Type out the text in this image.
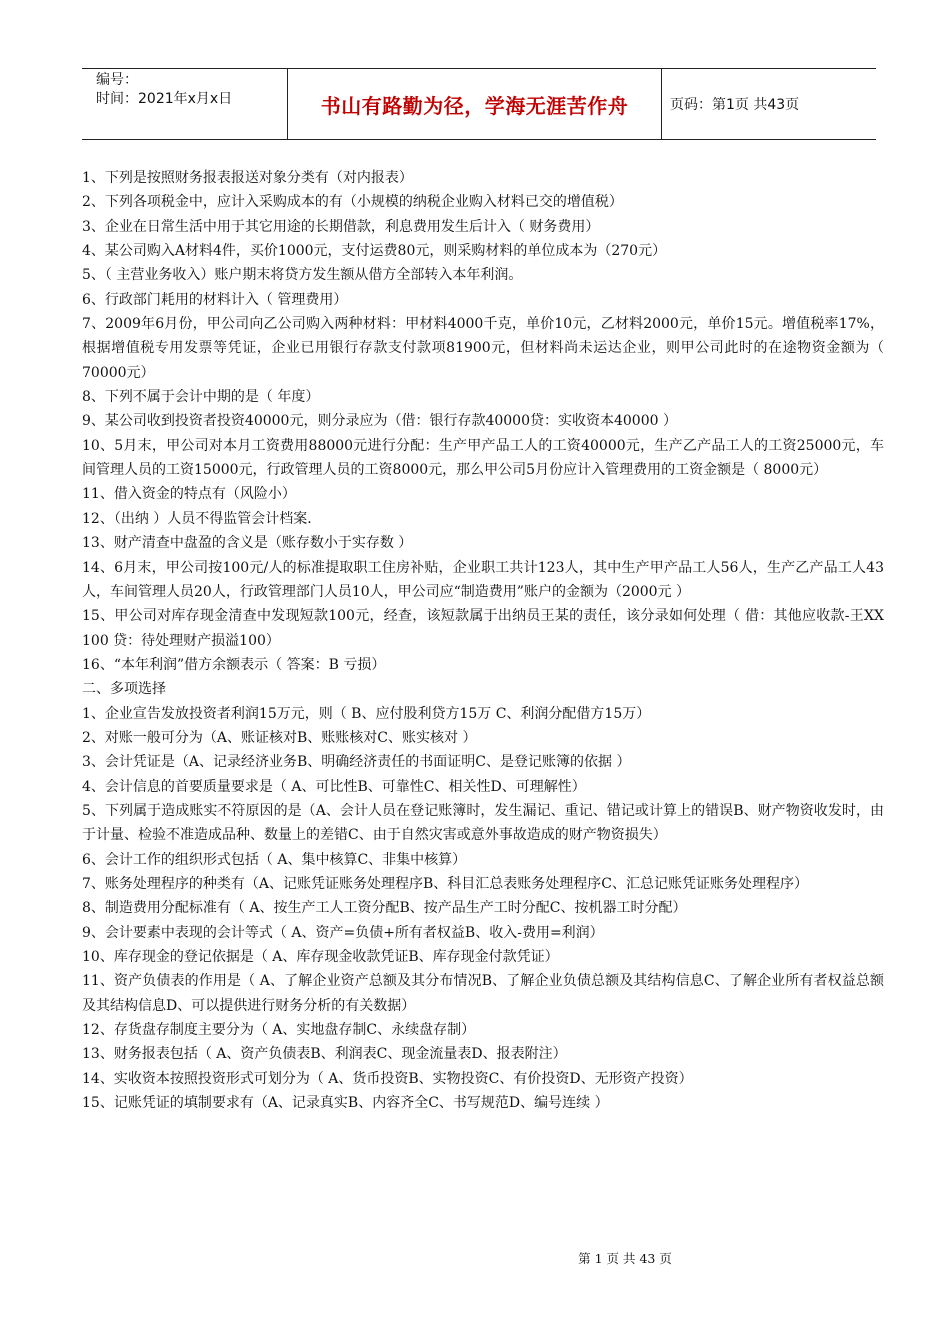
编号：
时间：2021年x月x日	书山有路勤为径，学海无涯苦作舟	页码：第1页 共43页

1、下列是按照财务报表报送对象分类有（对内报表）

2、下列各项税金中，应计入采购成本的有（小规模的纳税企业购入材料已交的增值税）

3、企业在日常生活中用于其它用途的长期借款，利息费用发生后计入（ 财务费用）

4、某公司购入A材料4件，买价1000元，支付运费80元，则采购材料的单位成本为（270元）

5、（ 主营业务收入）账户期末将贷方发生额从借方全部转入本年利润。

6、行政部门耗用的材料计入（ 管理费用）

7、2009年6月份，甲公司向乙公司购入两种材料：甲材料4000千克，单价10元，乙材料2000元，单价15元。增值税率17%，根据增值税专用发票等凭证，企业已用银行存款支付款项81900元，但材料尚未运达企业，则甲公司此时的在途物资金额为（ 70000元）

8、下列不属于会计中期的是（ 年度）

9、某公司收到投资者投资40000元，则分录应为（借：银行存款40000贷：实收资本40000 ）

10、5月末，甲公司对本月工资费用88000元进行分配：生产甲产品工人的工资40000元，生产乙产品工人的工资25000元，车间管理人员的工资15000元，行政管理人员的工资8000元，那么甲公司5月份应计入管理费用的工资金额是（ 8000元）

11、借入资金的特点有（风险小）

12、（出纳 ）人员不得监管会计档案.

13、财产清查中盘盈的含义是（账存数小于实存数 ）

14、6月末，甲公司按100元/人的标准提取职工住房补贴，企业职工共计123人，其中生产甲产品工人56人，生产乙产品工人43人，车间管理人员20人，行政管理部门人员10人，甲公司应“制造费用”账户的金额为（2000元 ）

15、甲公司对库存现金清查中发现短款100元，经查，该短款属于出纳员王某的责任，该分录如何处理（ 借：其他应收款-王XX 100 贷：待处理财产损溢100）

16、“本年利润”借方余额表示（ 答案：B 亏损）

二、多项选择

1、企业宣告发放投资者利润15万元，则（ B、应付股利贷方15万 C、利润分配借方15万）

2、对账一般可分为（A、账证核对B、账账核对C、账实核对 ）

3、会计凭证是（A、记录经济业务B、明确经济责任的书面证明C、是登记账簿的依据 ）

4、会计信息的首要质量要求是（ A、可比性B、可靠性C、相关性D、可理解性）

5、下列属于造成账实不符原因的是（A、会计人员在登记账簿时，发生漏记、重记、错记或计算上的错误B、财产物资收发时，由于计量、检验不准造成品种、数量上的差错C、由于自然灾害或意外事故造成的财产物资损失）

6、会计工作的组织形式包括（ A、集中核算C、非集中核算）

7、账务处理程序的种类有（A、记账凭证账务处理程序B、科目汇总表账务处理程序C、汇总记账凭证账务处理程序）

8、制造费用分配标准有（ A、按生产工人工资分配B、按产品生产工时分配C、按机器工时分配）

9、会计要素中表现的会计等式（ A、资产=负债+所有者权益B、收入-费用=利润）

10、库存现金的登记依据是（ A、库存现金收款凭证B、库存现金付款凭证）

11、资产负债表的作用是（ A、了解企业资产总额及其分布情况B、了解企业负债总额及其结构信息C、了解企业所有者权益总额及其结构信息D、可以提供进行财务分析的有关数据）

12、存货盘存制度主要分为（ A、实地盘存制C、永续盘存制）

13、财务报表包括（ A、资产负债表B、利润表C、现金流量表D、报表附注）

14、实收资本按照投资形式可划分为（ A、货币投资B、实物投资C、有价投资D、无形资产投资）

15、记账凭证的填制要求有（A、记录真实B、内容齐全C、书写规范D、编号连续 ）

第 1 页 共 43 页
